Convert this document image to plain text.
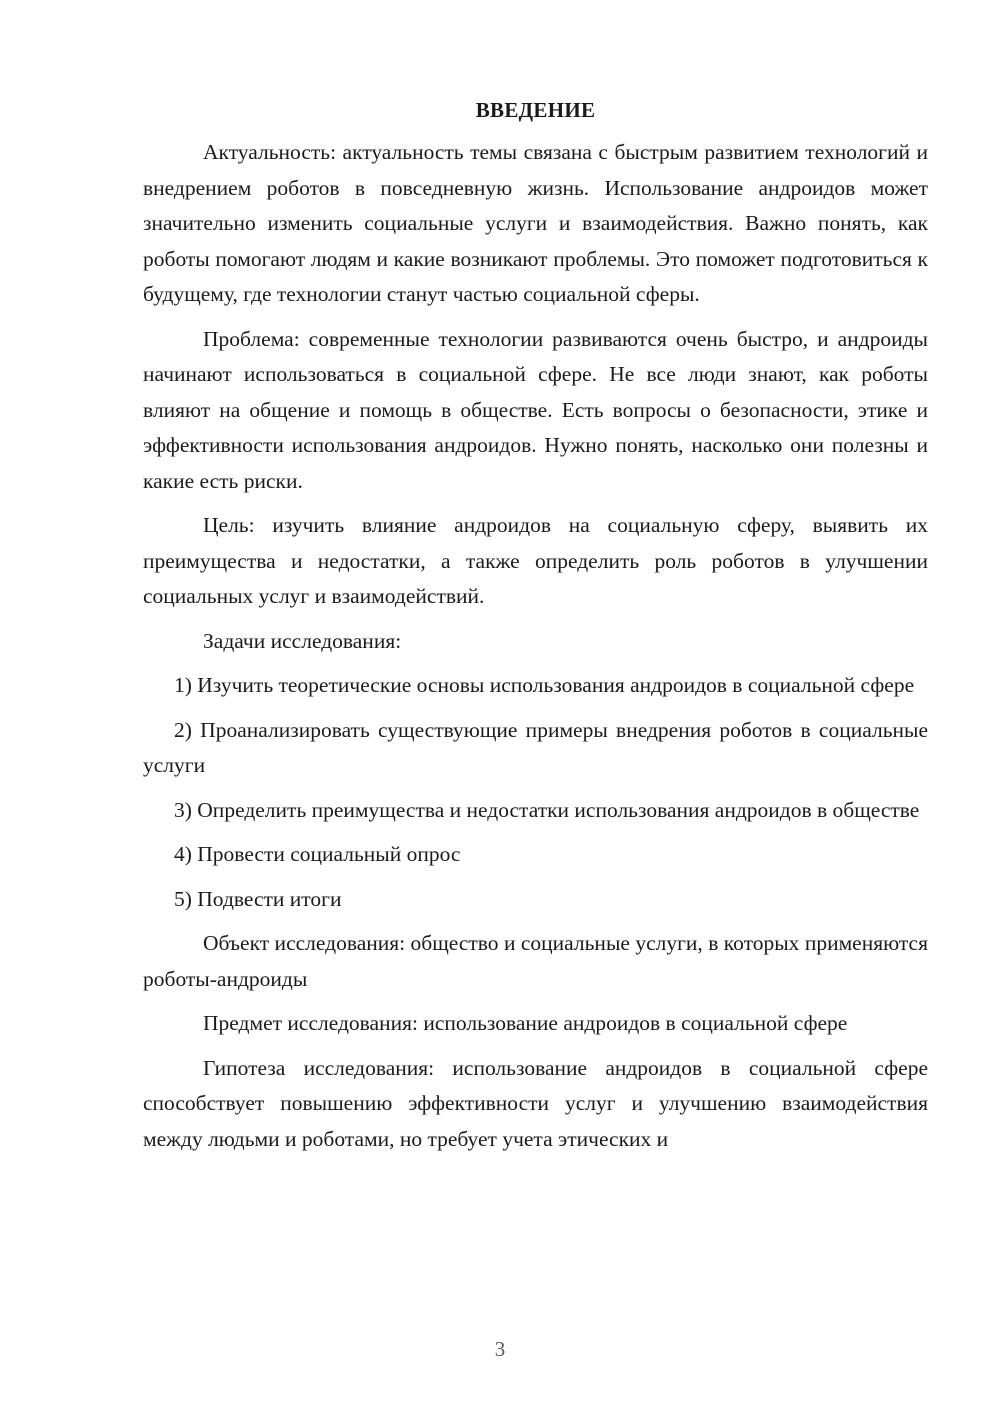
ВВЕДЕНИЕ

Актуальность: актуальность темы связана с быстрым развитием технологий и внедрением роботов в повседневную жизнь. Использование андроидов может значительно изменить социальные услуги и взаимодействия. Важно понять, как роботы помогают людям и какие возникают проблемы. Это поможет подготовиться к будущему, где технологии станут частью социальной сферы.

Проблема: современные технологии развиваются очень быстро, и андроиды начинают использоваться в социальной сфере. Не все люди знают, как роботы влияют на общение и помощь в обществе. Есть вопросы о безопасности, этике и эффективности использования андроидов. Нужно понять, насколько они полезны и какие есть риски.

Цель: изучить влияние андроидов на социальную сферу, выявить их преимущества и недостатки, а также определить роль роботов в улучшении социальных услуг и взаимодействий.

Задачи исследования:

1) Изучить теоретические основы использования андроидов в социальной сфере

2) Проанализировать существующие примеры внедрения роботов в социальные услуги

3) Определить преимущества и недостатки использования андроидов в обществе

4) Провести социальный опрос

5) Подвести итоги

Объект исследования: общество и социальные услуги, в которых применяются роботы-андроиды

Предмет исследования: использование андроидов в социальной сфере

Гипотеза исследования: использование андроидов в социальной сфере способствует повышению эффективности услуг и улучшению взаимодействия между людьми и роботами, но требует учета этических и

3
